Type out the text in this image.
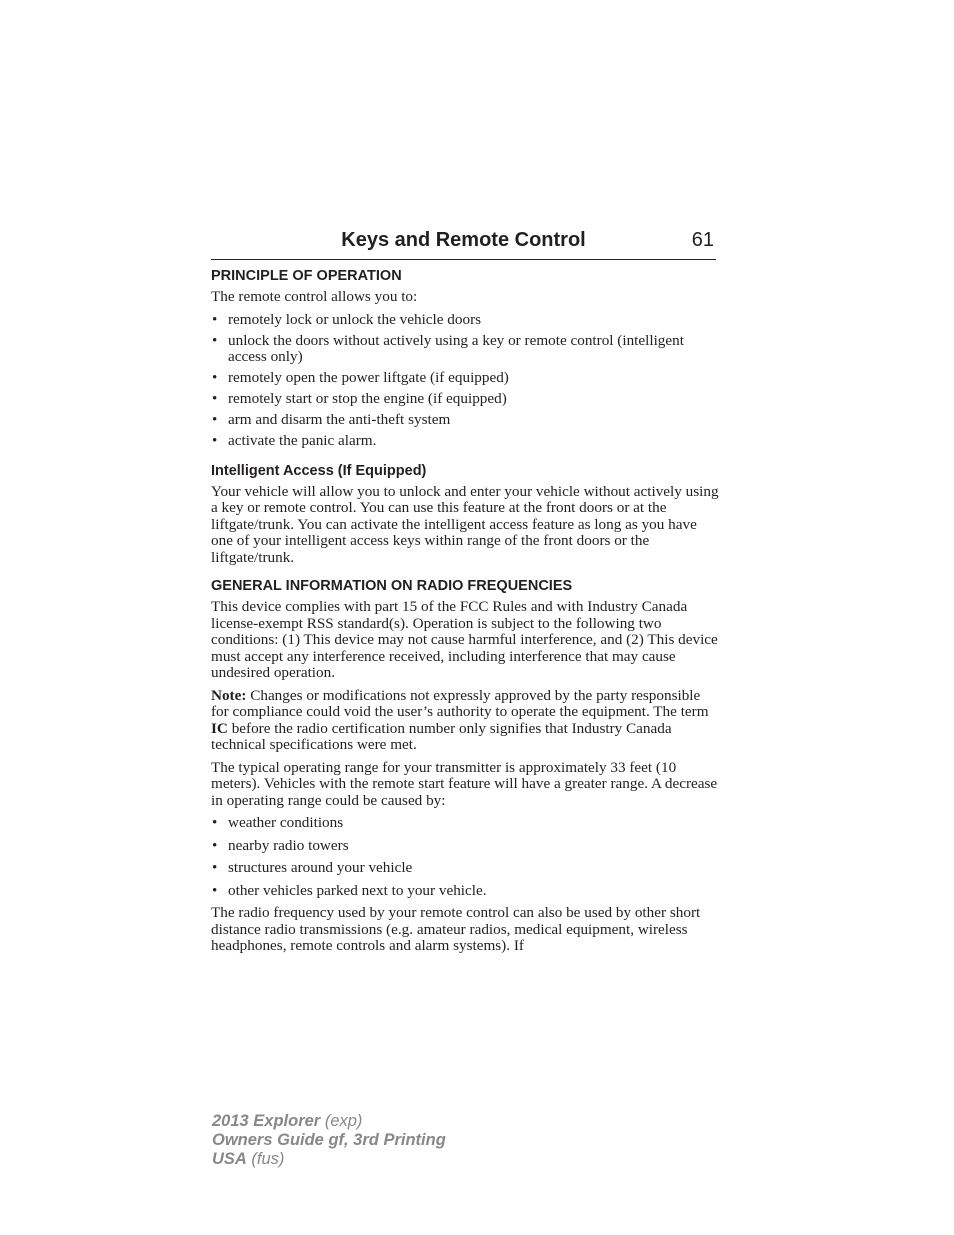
Keys and Remote Control	61
PRINCIPLE OF OPERATION

The remote control allows you to:

• remotely lock or unlock the vehicle doors
• unlock the doors without actively using a key or remote control (intelligent access only)
• remotely open the power liftgate (if equipped)
• remotely start or stop the engine (if equipped)
• arm and disarm the anti-theft system
• activate the panic alarm.
Intelligent Access (If Equipped)

Your vehicle will allow you to unlock and enter your vehicle without actively using a key or remote control. You can use this feature at the front doors or at the liftgate/trunk. You can activate the intelligent access feature as long as you have one of your intelligent access keys within range of the front doors or the liftgate/trunk.

GENERAL INFORMATION ON RADIO FREQUENCIES

This device complies with part 15 of the FCC Rules and with Industry Canada license-exempt RSS standard(s). Operation is subject to the following two conditions: (1) This device may not cause harmful interference, and (2) This device must accept any interference received, including interference that may cause undesired operation.

Note: Changes or modifications not expressly approved by the party responsible for compliance could void the user’s authority to operate the equipment. The term IC before the radio certification number only signifies that Industry Canada technical specifications were met.

The typical operating range for your transmitter is approximately 33 feet (10 meters). Vehicles with the remote start feature will have a greater range. A decrease in operating range could be caused by:

• weather conditions
• nearby radio towers
• structures around your vehicle
• other vehicles parked next to your vehicle.

The radio frequency used by your remote control can also be used by other short distance radio transmissions (e.g. amateur radios, medical equipment, wireless headphones, remote controls and alarm systems). If

2013 Explorer (exp)
Owners Guide gf, 3rd Printing
USA (fus)
